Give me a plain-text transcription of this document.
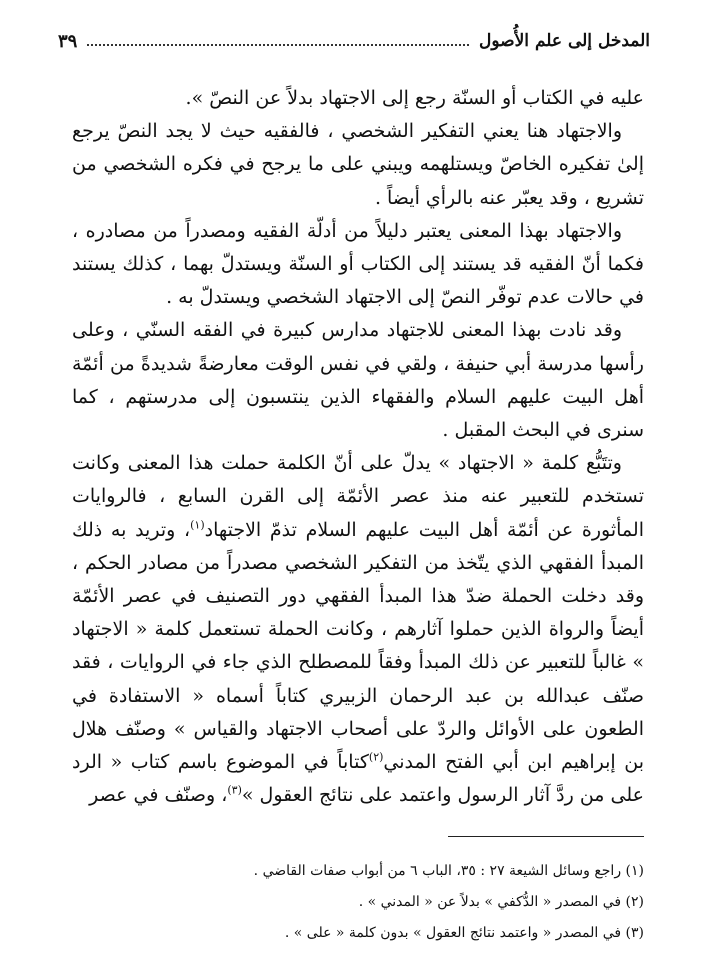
المدخل إلى علم الأُصول
٣٩

عليه في الكتاب أو السنّة رجع إلى الاجتهاد بدلاً عن النصّ ».

والاجتهاد هنا يعني التفكير الشخصي ، فالفقيه حيث لا يجد النصّ يرجع إلىٰ تفكيره الخاصّ ويستلهمه ويبني على ما يرجح في فكره الشخصي من تشريع ، وقد يعبّر عنه بالرأي أيضاً .

والاجتهاد بهذا المعنى يعتبر دليلاً من أدلّة الفقيه ومصدراً من مصادره ، فكما أنّ الفقيه قد يستند إلى الكتاب أو السنّة ويستدلّ بهما ، كذلك يستند في حالات عدم توفّر النصّ إلى الاجتهاد الشخصي ويستدلّ به .

وقد نادت بهذا المعنى للاجتهاد مدارس كبيرة في الفقه السنّي ، وعلى رأسها مدرسة أبي حنيفة ، ولقي في نفس الوقت معارضةً شديدةً من أئمّة أهل البيت عليهم السلام والفقهاء الذين ينتسبون إلى مدرستهم ، كما سنرى في البحث المقبل .

وتتَبُّع كلمة « الاجتهاد » يدلّ على أنّ الكلمة حملت هذا المعنى وكانت تستخدم للتعبير عنه منذ عصر الأئمّة إلى القرن السابع ، فالروايات المأثورة عن أئمّة أهل البيت عليهم السلام تذمّ الاجتهاد$^{(١)}$، وتريد به ذلك المبدأ الفقهي الذي يتّخذ من التفكير الشخصي مصدراً من مصادر الحكم ، وقد دخلت الحملة ضدّ هذا المبدأ الفقهي دور التصنيف في عصر الأئمّة أيضاً والرواة الذين حملوا آثارهم ، وكانت الحملة تستعمل كلمة « الاجتهاد » غالباً للتعبير عن ذلك المبدأ وفقاً للمصطلح الذي جاء في الروايات ، فقد صنّف عبدالله بن عبد الرحمان الزبيري كتاباً أسماه « الاستفادة في الطعون على الأوائل والردّ على أصحاب الاجتهاد والقياس » وصنّف هلال بن إبراهيم ابن أبي الفتح المدني$^{(٢)}$كتاباً في الموضوع باسم كتاب « الرد على من ردَّ آثار الرسول واعتمد على نتائج العقول »$^{(٣)}$، وصنّف في عصر

(١) راجع وسائل الشيعة ٢٧ : ٣٥، الباب ٦ من أبواب صفات القاضي .

(٢) في المصدر « الدُّكفي » بدلاً عن « المدني » .

(٣) في المصدر « واعتمد نتائج العقول » بدون كلمة « على » .
